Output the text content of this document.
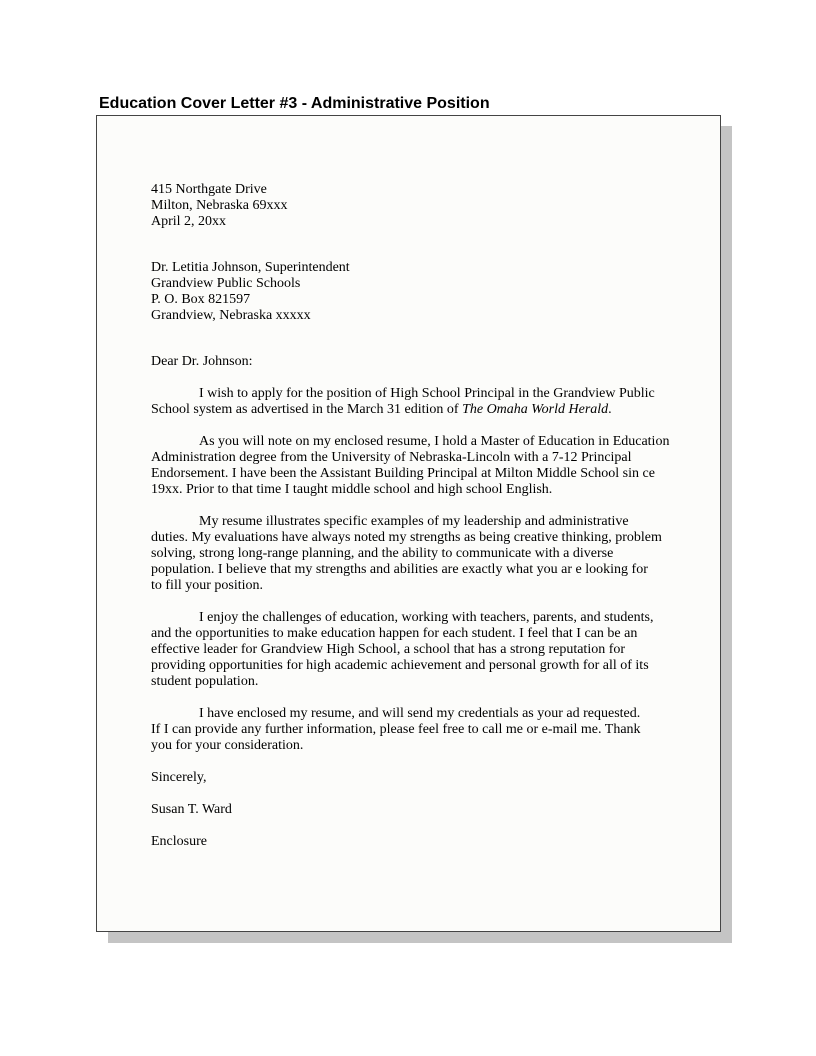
Education Cover Letter #3 - Administrative Position
415 Northgate Drive
Milton, Nebraska 69xxx
April 2, 20xx
Dr. Letitia Johnson, Superintendent
Grandview Public Schools
P. O. Box 821597
Grandview, Nebraska xxxxx
Dear Dr. Johnson:
I wish to apply for the position of High School Principal in the Grandview Public
School system as advertised in the March 31 edition of The Omaha World Herald.
As you will note on my enclosed resume, I hold a Master of Education in Education
Administration degree from the University of Nebraska-Lincoln with a 7-12 Principal
Endorsement. I have been the Assistant Building Principal at Milton Middle School sin ce
19xx. Prior to that time I taught middle school and high school English.
My resume illustrates specific examples of my leadership and administrative
duties. My evaluations have always noted my strengths as being creative thinking, problem
solving, strong long-range planning, and the ability to communicate with a diverse
population. I believe that my strengths and abilities are exactly what you ar e looking for
to fill your position.
I enjoy the challenges of education, working with teachers, parents, and students,
and the opportunities to make education happen for each student. I feel that I can be an
effective leader for Grandview High School, a school that has a strong reputation for
providing opportunities for high academic achievement and personal growth for all of its
student population.
I have enclosed my resume, and will send my credentials as your ad requested.
If I can provide any further information, please feel free to call me or e-mail me. Thank
you for your consideration.
Sincerely,
Susan T. Ward
Enclosure
